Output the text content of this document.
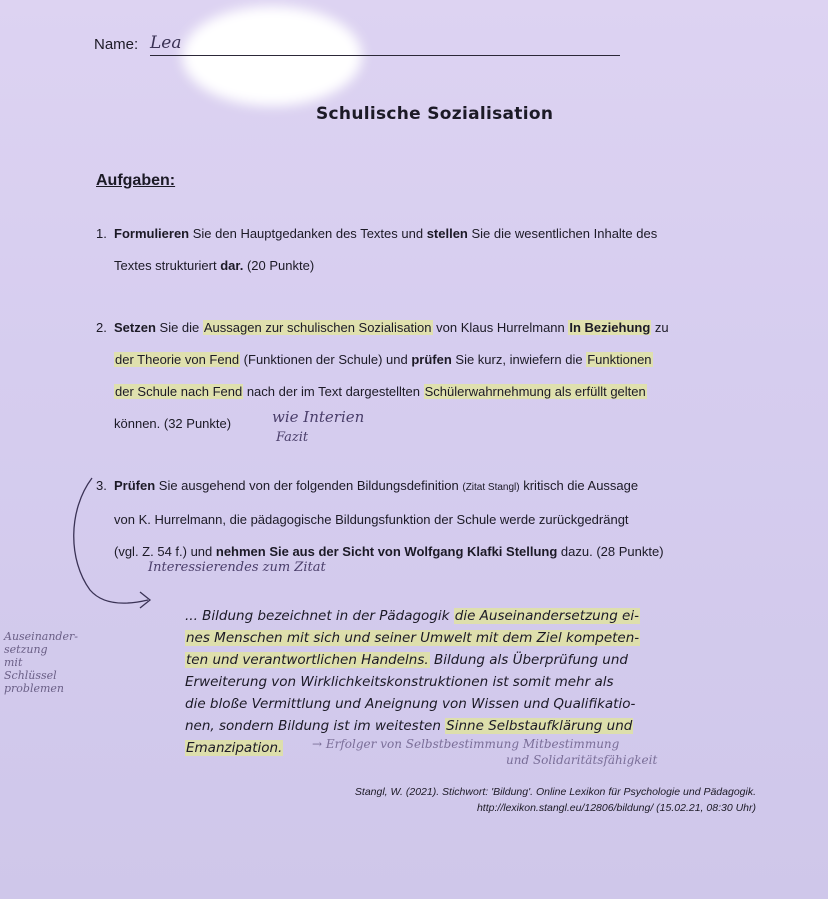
Name: Lea
Schulische Sozialisation
Aufgaben:
1. Formulieren Sie den Hauptgedanken des Textes und stellen Sie die wesentlichen Inhalte des
Textes strukturiert dar. (20 Punkte)
2. Setzen Sie die Aussagen zur schulischen Sozialisation von Klaus Hurrelmann In Beziehung zu
der Theorie von Fend (Funktionen der Schule) und prüfen Sie kurz, inwiefern die Funktionen
der Schule nach Fend nach der im Text dargestellten Schülerwahrnehmung als erfüllt gelten
können. (32 Punkte)	wie Interien
Fazit
3. Prüfen Sie ausgehend von der folgenden Bildungsdefinition (Zitat Stangl) kritisch die Aussage
von K. Hurrelmann, die pädagogische Bildungsfunktion der Schule werde zurückgedrängt
(vgl. Z. 54 f.) und nehmen Sie aus der Sicht von Wolfgang Klafki Stellung dazu. (28 Punkte)
Interessierendes zum Zitat
Auseinander-
setzung
mit
Schlüssel
problemen
... Bildung bezeichnet in der Pädagogik die Auseinandersetzung ei-
nes Menschen mit sich und seiner Umwelt mit dem Ziel kompeten-
ten und verantwortlichen Handelns. Bildung als Überprüfung und
Erweiterung von Wirklichkeitskonstruktionen ist somit mehr als
die bloße Vermittlung und Aneignung von Wissen und Qualifikatio-
nen, sondern Bildung ist im weitesten Sinne Selbstaufklärung und
Emanzipation.	→ Erfolger von Selbstbestimmung Mitbestimmung
und Solidaritätsfähigkeit
Stangl, W. (2021). Stichwort: 'Bildung'. Online Lexikon für Psychologie und Pädagogik.
http://lexikon.stangl.eu/12806/bildung/ (15.02.21, 08:30 Uhr)
